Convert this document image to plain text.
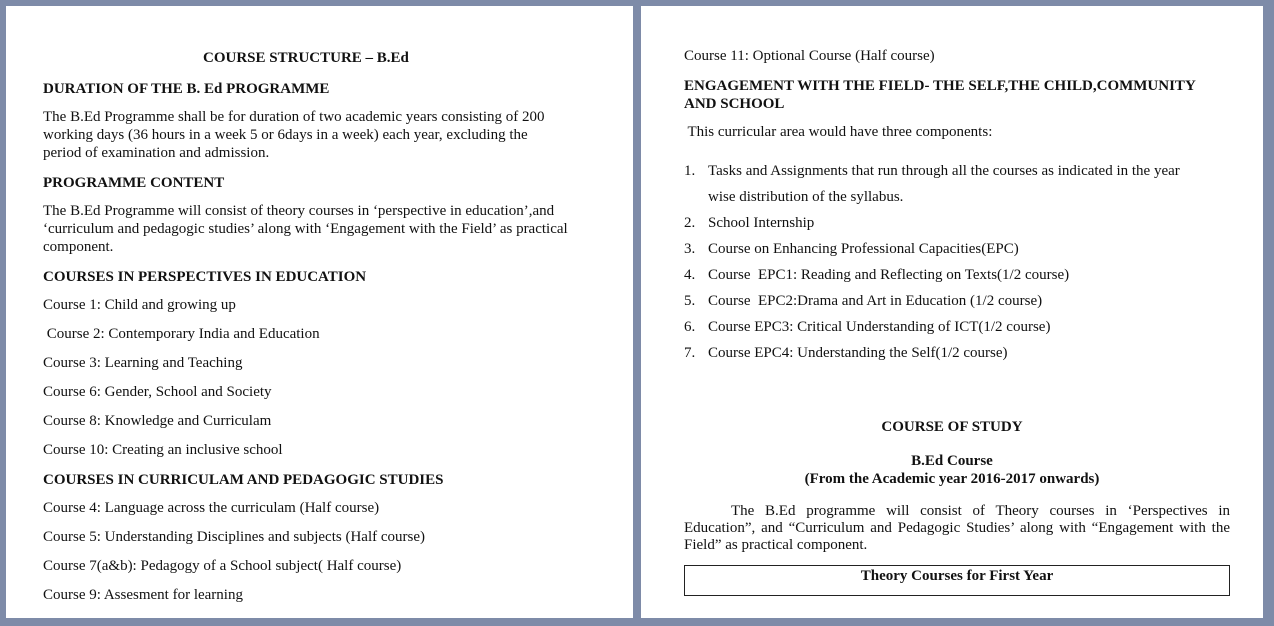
COURSE STRUCTURE – B.Ed
DURATION OF THE B. Ed PROGRAMME
The B.Ed Programme shall be for duration of two academic years consisting of 200
working days (36 hours in a week 5 or 6days in a week) each year, excluding the
period of examination and admission.
PROGRAMME CONTENT
The B.Ed Programme will consist of theory courses in ‘perspective in education’,and
‘curriculum and pedagogic studies’ along with ‘Engagement with the Field’ as practical
component.
COURSES IN PERSPECTIVES IN EDUCATION
Course 1: Child and growing up
Course 2: Contemporary India and Education
Course 3: Learning and Teaching
Course 6: Gender, School and Society
Course 8: Knowledge and Curriculam
Course 10: Creating an inclusive school
COURSES IN CURRICULAM AND PEDAGOGIC STUDIES
Course 4: Language across the curriculam (Half course)
Course 5: Understanding Disciplines and subjects (Half course)
Course 7(a&b): Pedagogy of a School subject( Half course)
Course 9: Assesment for learning
Course 11: Optional Course (Half course)
ENGAGEMENT WITH THE FIELD- THE SELF,THE CHILD,COMMUNITY
AND SCHOOL
This curricular area would have three components:
1. Tasks and Assignments that run through all the courses as indicated in the year
wise distribution of the syllabus.
2. School Internship
3. Course on Enhancing Professional Capacities(EPC)
4. Course  EPC1: Reading and Reflecting on Texts(1/2 course)
5. Course  EPC2:Drama and Art in Education (1/2 course)
6. Course EPC3: Critical Understanding of ICT(1/2 course)
7. Course EPC4: Understanding the Self(1/2 course)
COURSE OF STUDY
B.Ed Course
(From the Academic year 2016-2017 onwards)
The B.Ed programme will consist of Theory courses in ‘Perspectives in
Education”, and “Curriculum and Pedagogic Studies’ along with “Engagement with the
Field” as practical component.
Theory Courses for First Year
